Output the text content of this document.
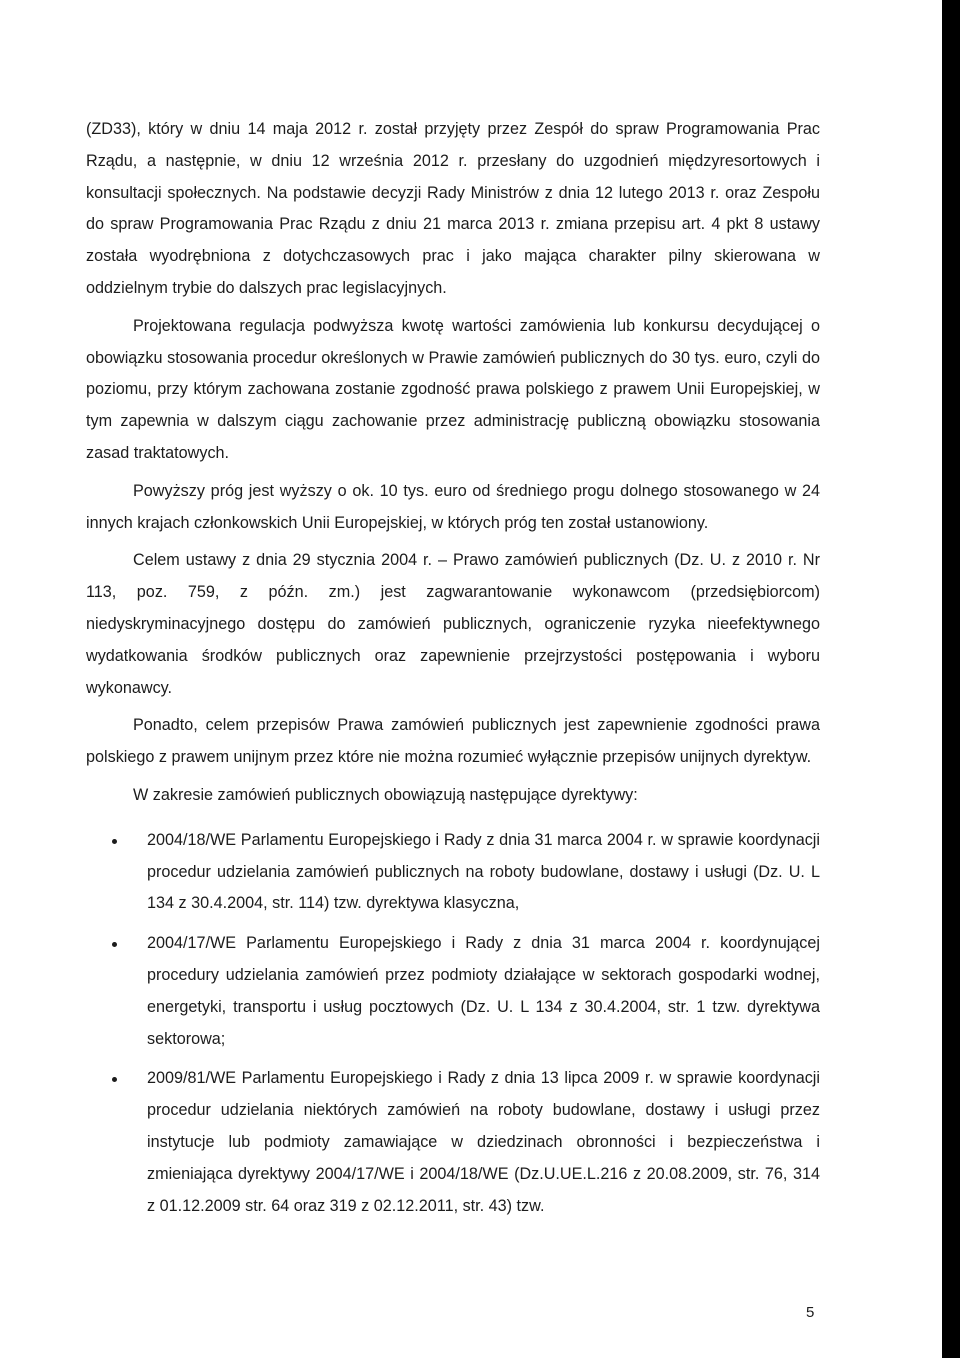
(ZD33), który w dniu 14 maja 2012 r. został przyjęty przez Zespół do spraw Programowania Prac Rządu, a następnie, w dniu 12 września 2012 r. przesłany do uzgodnień międzyresortowych i konsultacji społecznych. Na podstawie decyzji Rady Ministrów z dnia 12 lutego 2013 r. oraz Zespołu do spraw Programowania Prac Rządu z dniu 21 marca 2013 r. zmiana przepisu art. 4 pkt 8 ustawy została wyodrębniona z dotychczasowych prac i jako mająca charakter pilny skierowana w oddzielnym trybie do dalszych prac legislacyjnych.

Projektowana regulacja podwyższa kwotę wartości zamówienia lub konkursu decydującej o obowiązku stosowania procedur określonych w Prawie zamówień publicznych do 30 tys. euro, czyli do poziomu, przy którym zachowana zostanie zgodność prawa polskiego z prawem Unii Europejskiej, w tym zapewnia w dalszym ciągu zachowanie przez administrację publiczną obowiązku stosowania zasad traktatowych.

Powyższy próg jest wyższy o ok. 10 tys. euro od średniego progu dolnego stosowanego w 24 innych krajach członkowskich Unii Europejskiej, w których próg ten został ustanowiony.

Celem ustawy z dnia 29 stycznia 2004 r. – Prawo zamówień publicznych (Dz. U. z 2010 r. Nr 113, poz. 759, z późn. zm.) jest zagwarantowanie wykonawcom (przedsiębiorcom) niedyskryminacyjnego dostępu do zamówień publicznych, ograniczenie ryzyka nieefektywnego wydatkowania środków publicznych oraz zapewnienie przejrzystości postępowania i wyboru wykonawcy.

Ponadto, celem przepisów Prawa zamówień publicznych jest zapewnienie zgodności prawa polskiego z prawem unijnym przez które nie można rozumieć wyłącznie przepisów unijnych dyrektyw.

W zakresie zamówień publicznych obowiązują następujące dyrektywy:

2004/18/WE Parlamentu Europejskiego i Rady z dnia 31 marca 2004 r. w sprawie koordynacji procedur udzielania zamówień publicznych na roboty budowlane, dostawy i usługi (Dz. U. L 134 z 30.4.2004, str. 114) tzw. dyrektywa klasyczna,
2004/17/WE Parlamentu Europejskiego i Rady z dnia 31 marca 2004 r. koordynującej procedury udzielania zamówień przez podmioty działające w sektorach gospodarki wodnej, energetyki, transportu i usług pocztowych (Dz. U. L 134 z 30.4.2004, str. 1 tzw. dyrektywa sektorowa;
2009/81/WE Parlamentu Europejskiego i Rady z dnia 13 lipca 2009 r. w sprawie koordynacji procedur udzielania niektórych zamówień na roboty budowlane, dostawy i usługi przez instytucje lub podmioty zamawiające w dziedzinach obronności i bezpieczeństwa i zmieniająca dyrektywy 2004/17/WE i 2004/18/WE (Dz.U.UE.L.216 z 20.08.2009, str. 76, 314 z 01.12.2009 str. 64 oraz 319 z 02.12.2011, str. 43) tzw.
5
